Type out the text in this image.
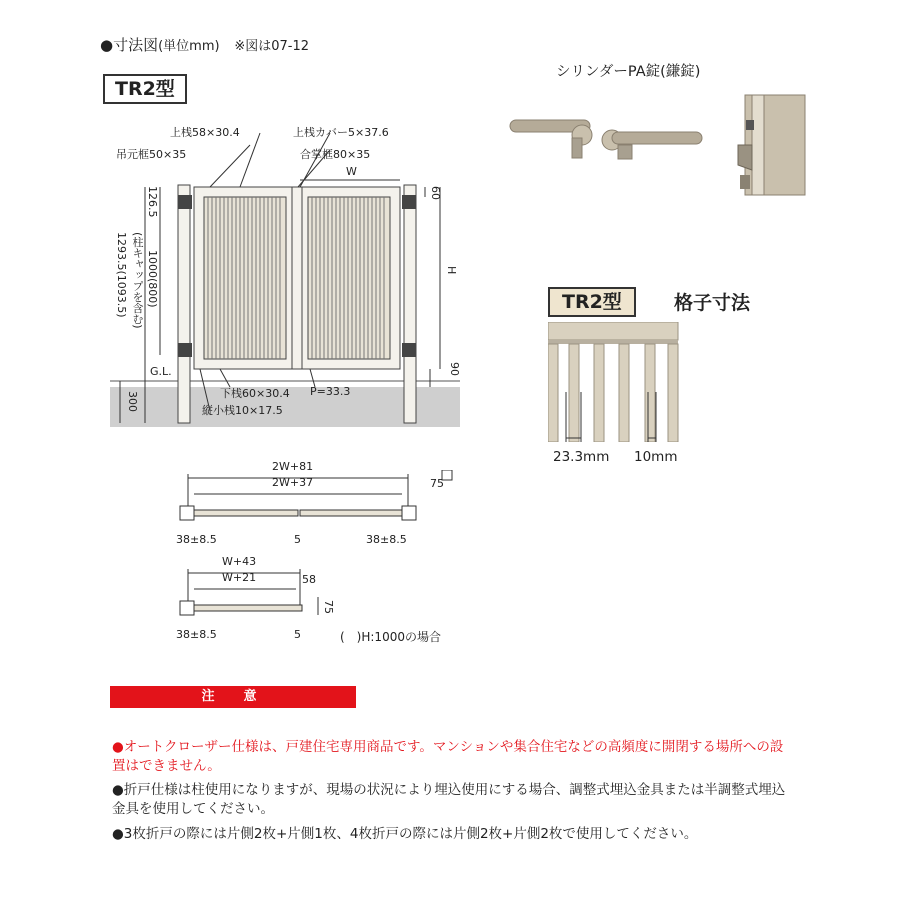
●寸法図(単位mm) ※図は07-12
TR2型
シリンダーPA錠(鎌錠)
TR2型	格子寸法
23.3mm 10mm
上桟58×30.4	上桟カバー5×37.6
吊元框50×35	合掌框80×35
W
126.5	60
1000(800)
1293.5(1093.5) (柱キャップを含む)	H
G.L.	90
300	下桟60×30.4 P=33.3
縦小桟10×17.5
2W+81
2W+37	75
38±8.5	5	38±8.5
W+43
W+21	58
75
38±8.5	5	(　)H:1000の場合
注　意
●オートクローザー仕様は、戸建住宅専用商品です。マンションや集合住宅などの高頻度に開閉する場所への設置はできません。
●折戸仕様は柱使用になりますが、現場の状況により埋込使用にする場合、調整式埋込金具または半調整式埋込金具を使用してください。
●3枚折戸の際には片側2枚+片側1枚、4枚折戸の際には片側2枚+片側2枚で使用してください。
